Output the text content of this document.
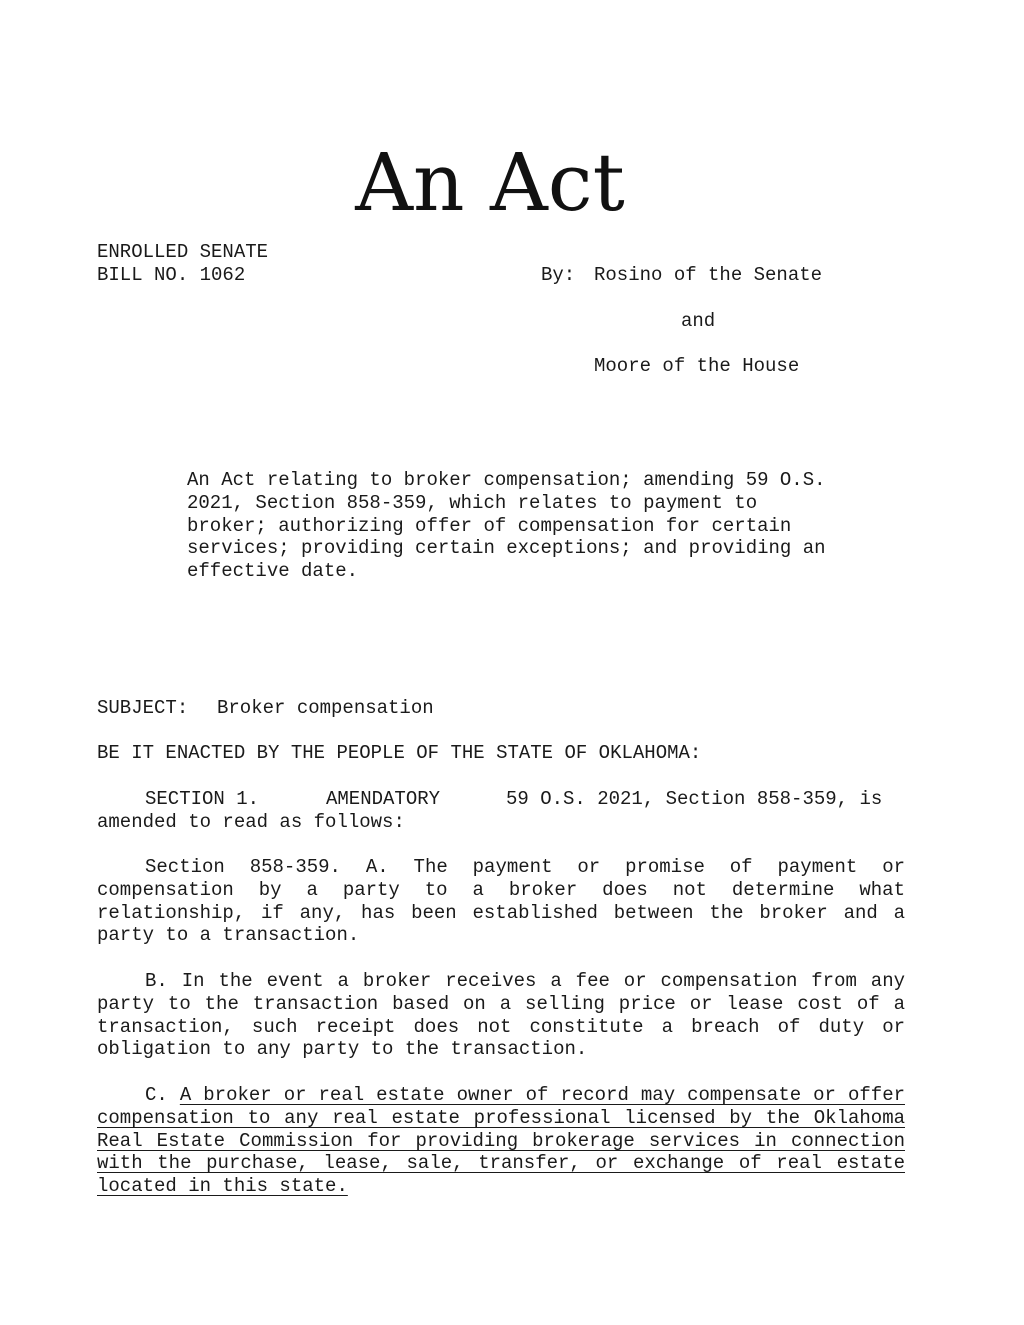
An Act
ENROLLED SENATE
BILL NO. 1062	By: Rosino of the Senate
and
Moore of the House
An Act relating to broker compensation; amending 59 O.S. 2021, Section 858-359, which relates to payment to broker; authorizing offer of compensation for certain services; providing certain exceptions; and providing an effective date.
SUBJECT: Broker compensation
BE IT ENACTED BY THE PEOPLE OF THE STATE OF OKLAHOMA:
SECTION 1.	AMENDATORY	59 O.S. 2021, Section 858-359, is
amended to read as follows:
Section 858-359. A. The payment or promise of payment or compensation by a party to a broker does not determine what relationship, if any, has been established between the broker and a party to a transaction.
B. In the event a broker receives a fee or compensation from any party to the transaction based on a selling price or lease cost of a transaction, such receipt does not constitute a breach of duty or obligation to any party to the transaction.
C. A broker or real estate owner of record may compensate or offer compensation to any real estate professional licensed by the Oklahoma Real Estate Commission for providing brokerage services in connection with the purchase, lease, sale, transfer, or exchange of real estate located in this state.
